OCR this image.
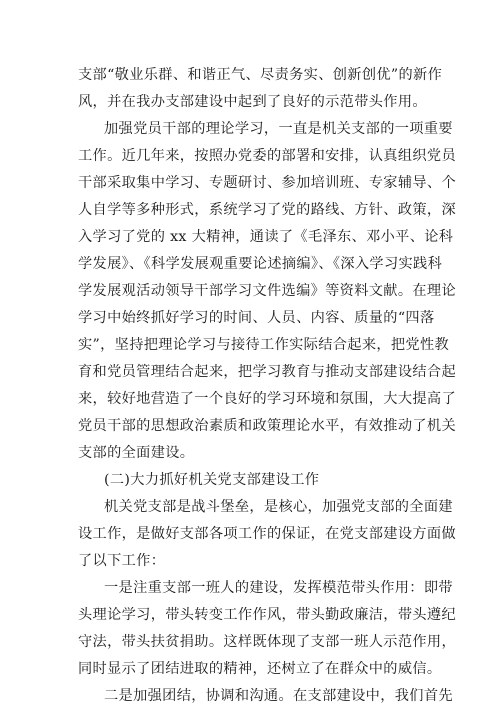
支部“敬业乐群、和谐正气、尽责务实、创新创优”的新作
风，并在我办支部建设中起到了良好的示范带头作用。
加强党员干部的理论学习，一直是机关支部的一项重要
工作。近几年来，按照办党委的部署和安排，认真组织党员
干部采取集中学习、专题研讨、参加培训班、专家辅导、个
人自学等多种形式，系统学习了党的路线、方针、政策，深
入学习了党的 xx 大精神，通读了《毛泽东、邓小平、论科
学发展》、《科学发展观重要论述摘编》、《深入学习实践科
学发展观活动领导干部学习文件选编》等资料文献。在理论
学习中始终抓好学习的时间、人员、内容、质量的“四落
实”，坚持把理论学习与接待工作实际结合起来，把党性教
育和党员管理结合起来，把学习教育与推动支部建设结合起
来，较好地营造了一个良好的学习环境和氛围，大大提高了
党员干部的思想政治素质和政策理论水平，有效推动了机关
支部的全面建设。
(二)大力抓好机关党支部建设工作
机关党支部是战斗堡垒，是核心，加强党支部的全面建
设工作，是做好支部各项工作的保证，在党支部建设方面做
了以下工作：
一是注重支部一班人的建设，发挥模范带头作用：即带
头理论学习，带头转变工作作风，带头勤政廉洁，带头遵纪
守法，带头扶贫捐助。这样既体现了支部一班人示范作用，
同时显示了团结进取的精神，还树立了在群众中的威信。
二是加强团结，协调和沟通。在支部建设中，我们首先
